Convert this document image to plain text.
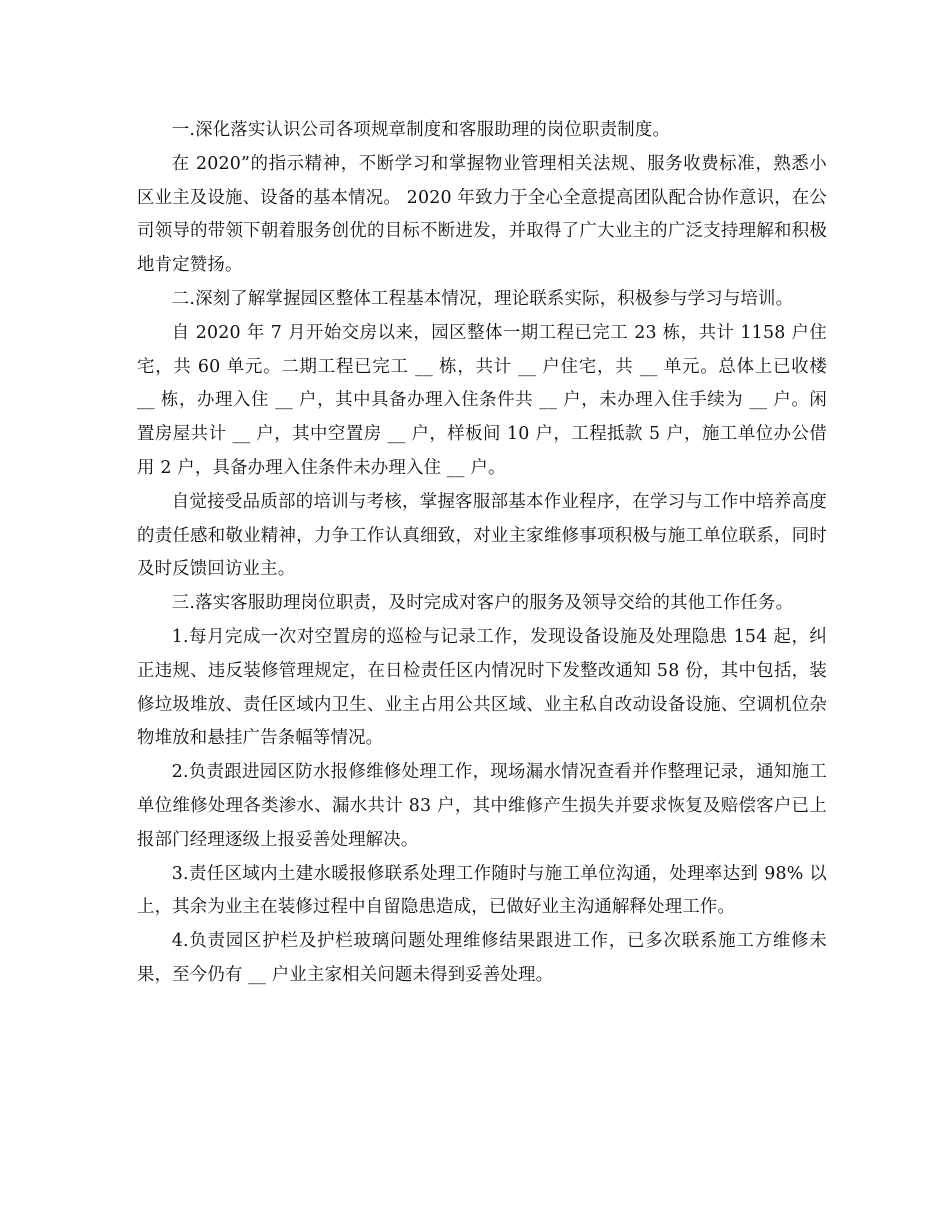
一.深化落实认识公司各项规章制度和客服助理的岗位职责制度。

在 2020”的指示精神，不断学习和掌握物业管理相关法规、服务收费标准，熟悉小区业主及设施、设备的基本情况。 2020 年致力于全心全意提高团队配合协作意识，在公司领导的带领下朝着服务创优的目标不断进发，并取得了广大业主的广泛支持理解和积极地肯定赞扬。

二.深刻了解掌握园区整体工程基本情况，理论联系实际，积极参与学习与培训。

自 2020 年 7 月开始交房以来，园区整体一期工程已完工 23 栋，共计 1158 户住宅，共 60 单元。二期工程已完工 __ 栋，共计 __ 户住宅，共 __ 单元。总体上已收楼 __ 栋，办理入住 __ 户，其中具备办理入住条件共 __ 户，未办理入住手续为 __ 户。闲置房屋共计 __ 户，其中空置房 __ 户，样板间 10 户，工程抵款 5 户，施工单位办公借用 2 户，具备办理入住条件未办理入住 __ 户。

自觉接受品质部的培训与考核，掌握客服部基本作业程序，在学习与工作中培养高度的责任感和敬业精神，力争工作认真细致，对业主家维修事项积极与施工单位联系，同时及时反馈回访业主。

三.落实客服助理岗位职责，及时完成对客户的服务及领导交给的其他工作任务。

1.每月完成一次对空置房的巡检与记录工作，发现设备设施及处理隐患 154 起，纠正违规、违反装修管理规定，在日检责任区内情况时下发整改通知 58 份，其中包括，装修垃圾堆放、责任区域内卫生、业主占用公共区域、业主私自改动设备设施、空调机位杂物堆放和悬挂广告条幅等情况。

2.负责跟进园区防水报修维修处理工作，现场漏水情况查看并作整理记录，通知施工单位维修处理各类渗水、漏水共计 83 户，其中维修产生损失并要求恢复及赔偿客户已上报部门经理逐级上报妥善处理解决。

3.责任区域内土建水暖报修联系处理工作随时与施工单位沟通，处理率达到 98% 以上，其余为业主在装修过程中自留隐患造成，已做好业主沟通解释处理工作。

4.负责园区护栏及护栏玻璃问题处理维修结果跟进工作，已多次联系施工方维修未果，至今仍有 __ 户业主家相关问题未得到妥善处理。
